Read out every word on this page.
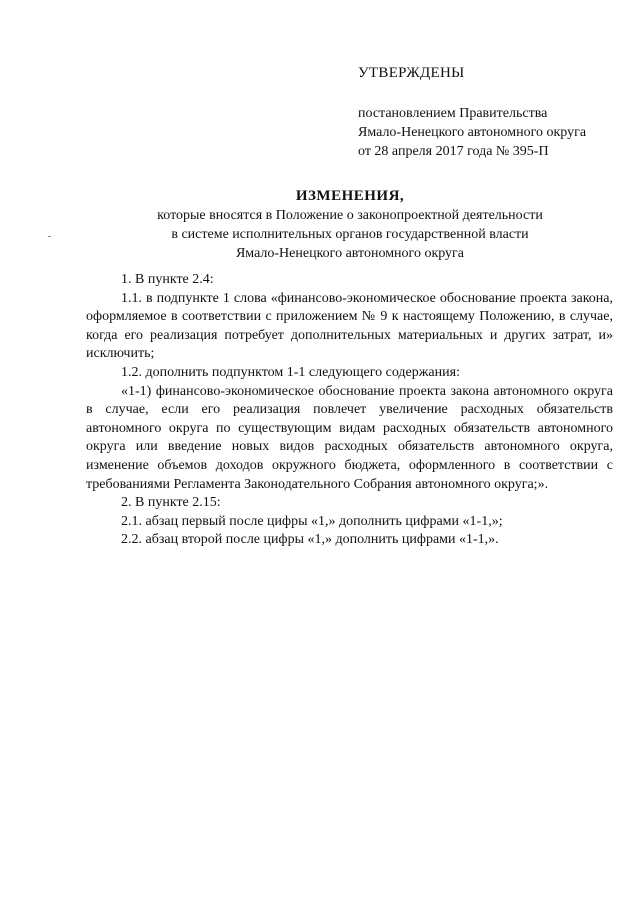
УТВЕРЖДЕНЫ
постановлением Правительства
Ямало-Ненецкого автономного округа
от 28 апреля 2017 года № 395-П
ИЗМЕНЕНИЯ,
которые вносятся в Положение о законопроектной деятельности
в системе исполнительных органов государственной власти
Ямало-Ненецкого автономного округа

1. В пункте 2.4:

1.1. в подпункте 1 слова «финансово-экономическое обоснование проекта закона, оформляемое в соответствии с приложением № 9 к настоящему Положению, в случае, когда его реализация потребует дополнительных материальных и других затрат, и» исключить;

1.2. дополнить подпунктом 1-1 следующего содержания:

«1-1) финансово-экономическое обоснование проекта закона автономного округа в случае, если его реализация повлечет увеличение расходных обязательств автономного округа по существующим видам расходных обязательств автономного округа или введение новых видов расходных обязательств автономного округа, изменение объемов доходов окружного бюджета, оформленного в соответствии с требованиями Регламента Законодательного Собрания автономного округа;».

2. В пункте 2.15:

2.1. абзац первый после цифры «1,» дополнить цифрами «1-1,»;

2.2. абзац второй после цифры «1,» дополнить цифрами «1-1,».
